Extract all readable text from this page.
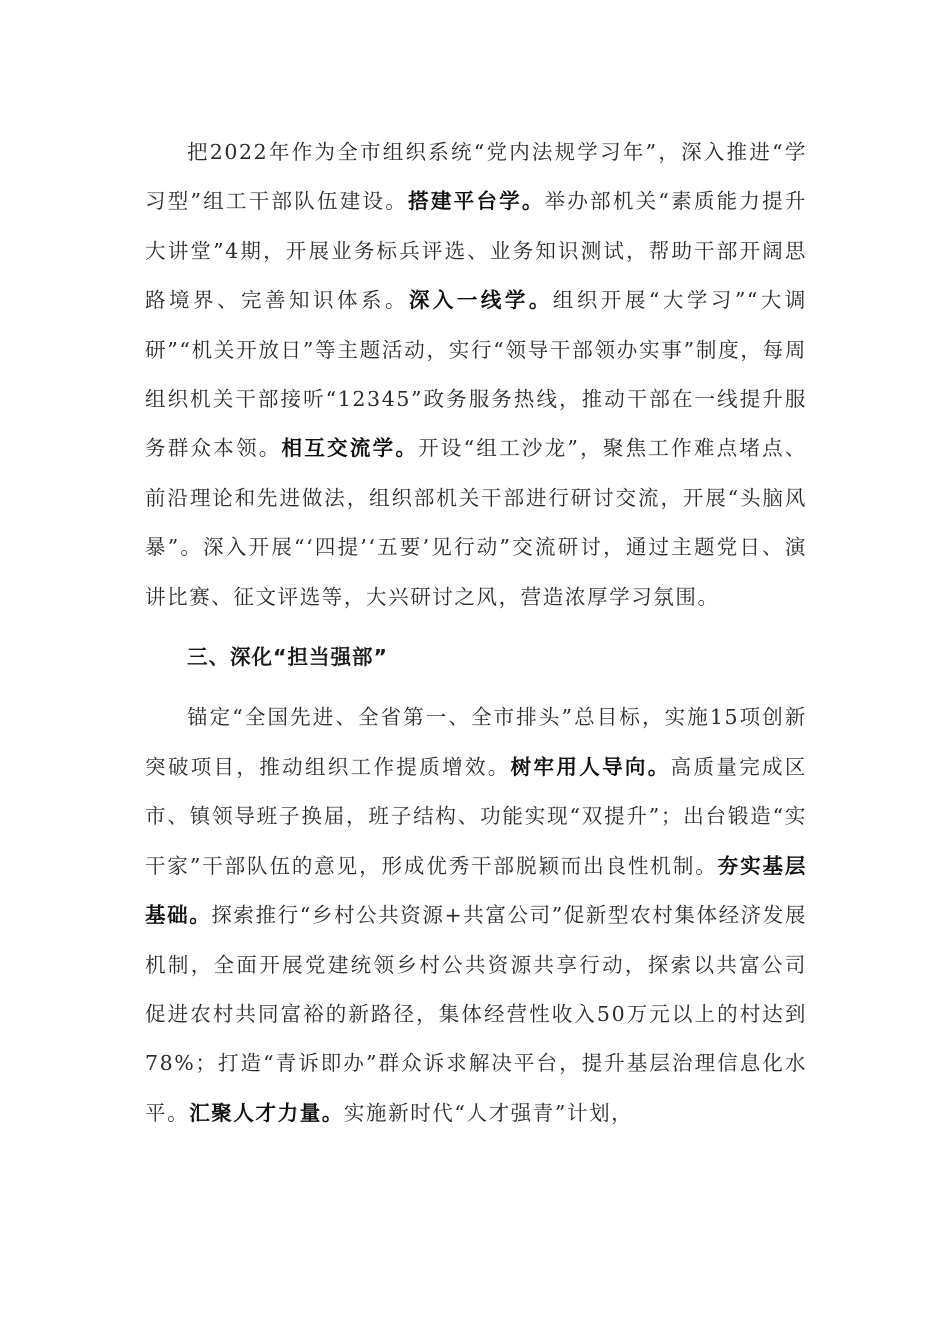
把2022年作为全市组织系统“党内法规学习年”，深入推进“学习型”组工干部队伍建设。搭建平台学。举办部机关“素质能力提升大讲堂”4期，开展业务标兵评选、业务知识测试，帮助干部开阔思路境界、完善知识体系。深入一线学。组织开展“大学习”“大调研”“机关开放日”等主题活动，实行“领导干部领办实事”制度，每周组织机关干部接听“12345”政务服务热线，推动干部在一线提升服务群众本领。相互交流学。开设“组工沙龙”，聚焦工作难点堵点、前沿理论和先进做法，组织部机关干部进行研讨交流，开展“头脑风暴”。深入开展“‘四提’‘五要’见行动”交流研讨，通过主题党日、演讲比赛、征文评选等，大兴研讨之风，营造浓厚学习氛围。

三、深化“担当强部”

锚定“全国先进、全省第一、全市排头”总目标，实施15项创新突破项目，推动组织工作提质增效。树牢用人导向。高质量完成区市、镇领导班子换届，班子结构、功能实现“双提升”；出台锻造“实干家”干部队伍的意见，形成优秀干部脱颖而出良性机制。夯实基层基础。探索推行“乡村公共资源+共富公司”促新型农村集体经济发展机制，全面开展党建统领乡村公共资源共享行动，探索以共富公司促进农村共同富裕的新路径，集体经营性收入50万元以上的村达到78%；打造“青诉即办”群众诉求解决平台，提升基层治理信息化水平。汇聚人才力量。实施新时代“人才强青”计划，
